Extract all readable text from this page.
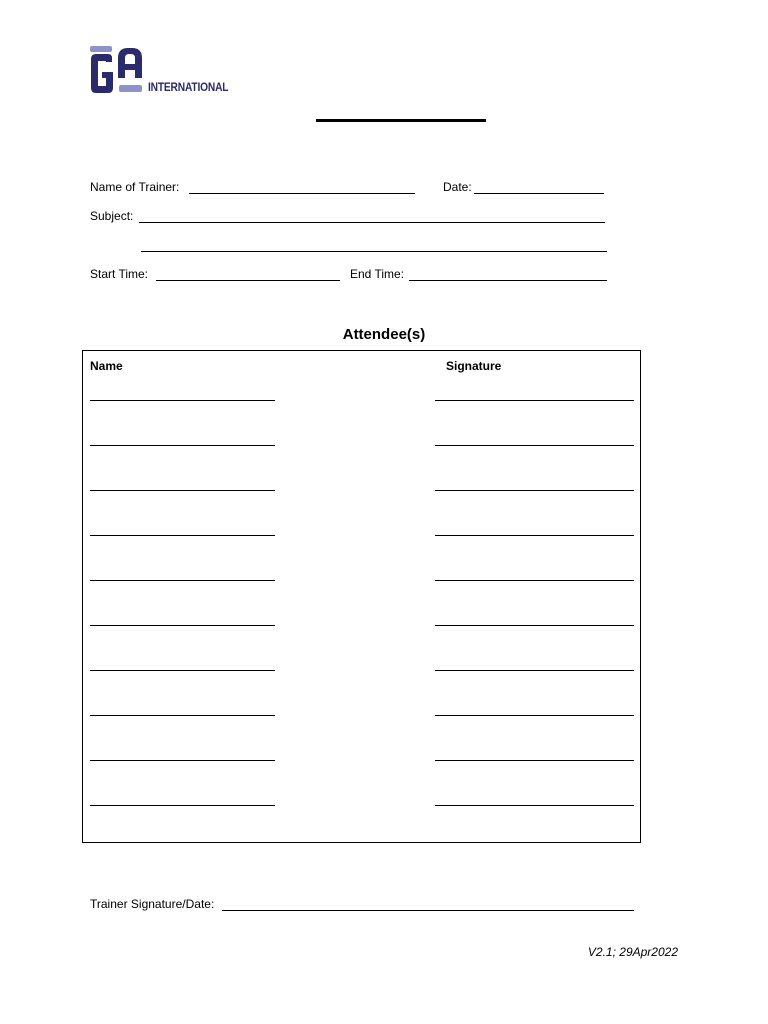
INTERNATIONAL
Name of Trainer:	Date:
Subject:
Start Time:	End Time:
Attendee(s)
Name	Signature
Trainer Signature/Date:
V2.1; 29Apr2022
